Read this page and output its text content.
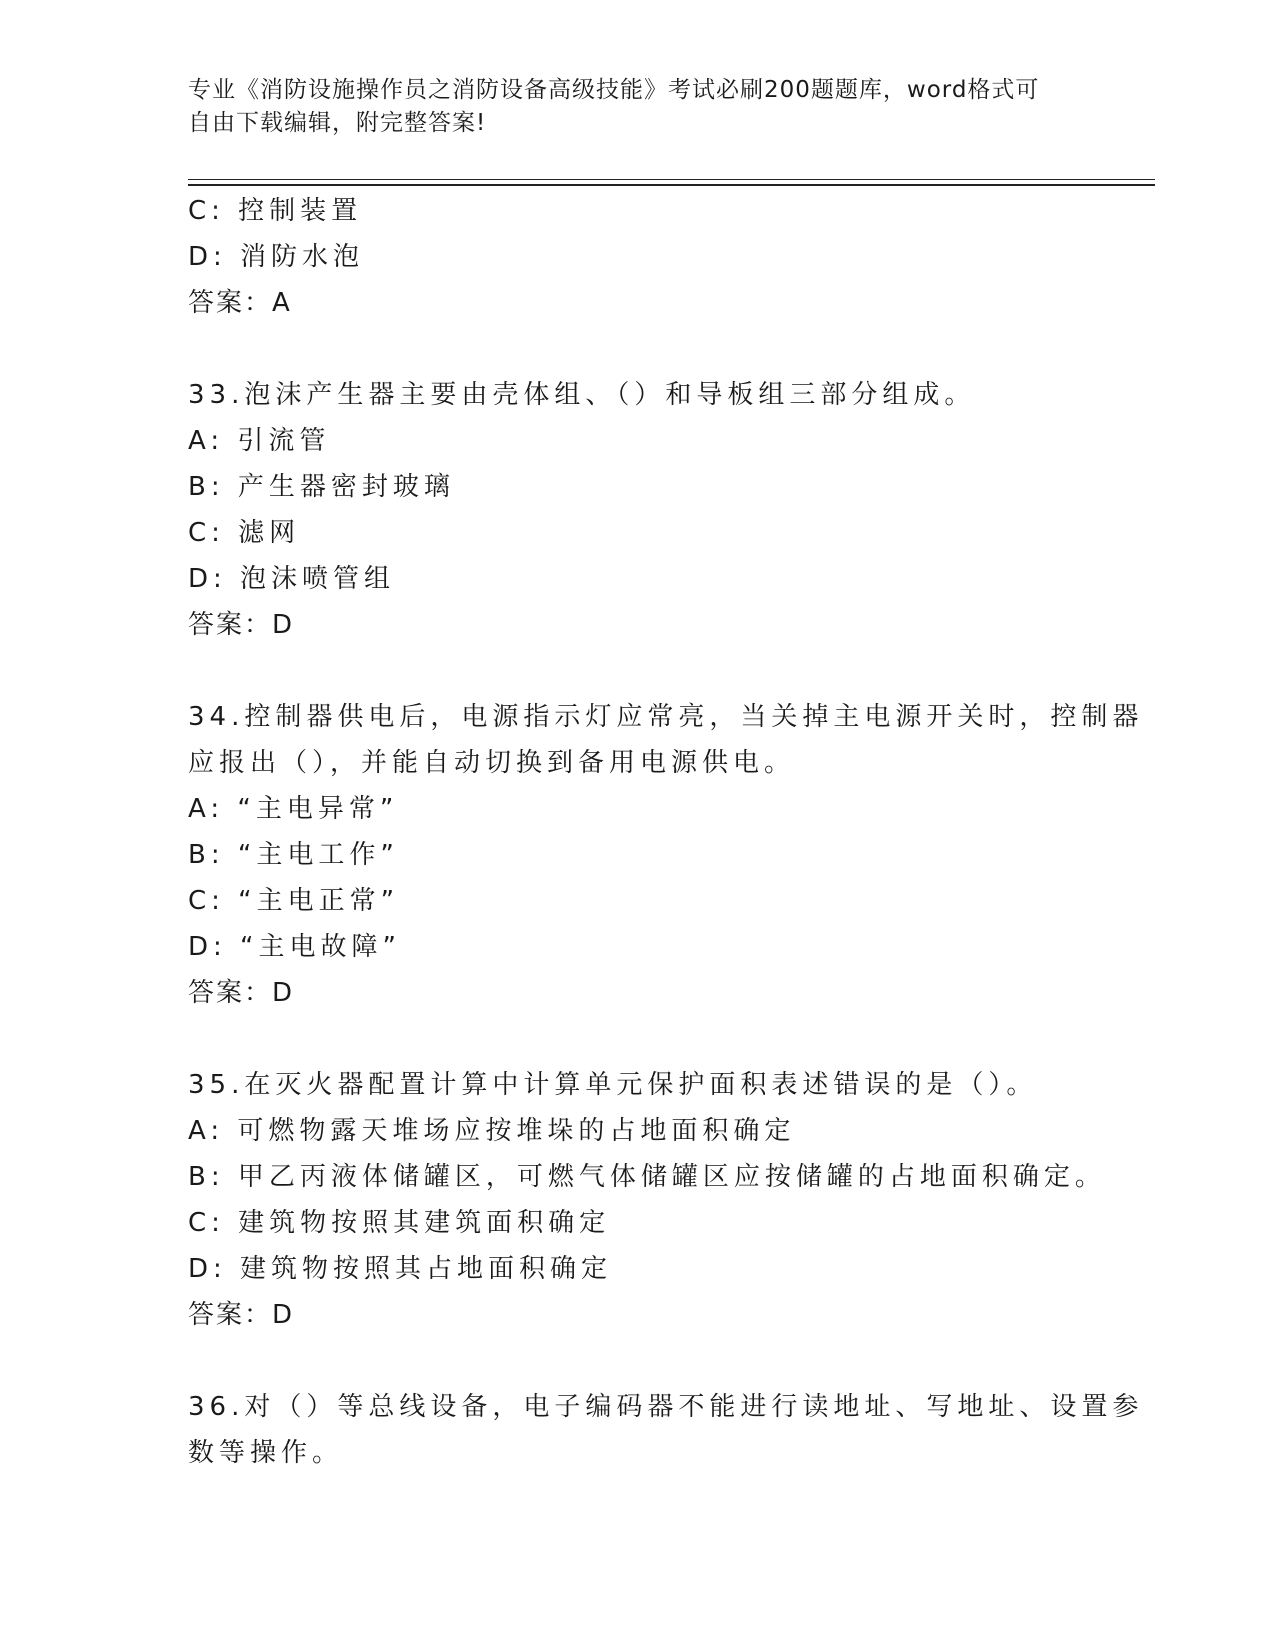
专业《消防设施操作员之消防设备高级技能》考试必刷200题题库，word格式可
自由下载编辑，附完整答案!
C: 控制装置
D: 消防水泡
答案：A
33.泡沫产生器主要由壳体组、（）和导板组三部分组成。
A: 引流管
B: 产生器密封玻璃
C: 滤网
D: 泡沫喷管组
答案：D
34.控制器供电后，电源指示灯应常亮，当关掉主电源开关时，控制器
应报出（），并能自动切换到备用电源供电。
A: “主电异常”
B: “主电工作”
C: “主电正常”
D: “主电故障”
答案：D
35.在灭火器配置计算中计算单元保护面积表述错误的是（）。
A: 可燃物露天堆场应按堆垛的占地面积确定
B: 甲乙丙液体储罐区，可燃气体储罐区应按储罐的占地面积确定。
C: 建筑物按照其建筑面积确定
D: 建筑物按照其占地面积确定
答案：D
36.对（）等总线设备，电子编码器不能进行读地址、写地址、设置参
数等操作。
